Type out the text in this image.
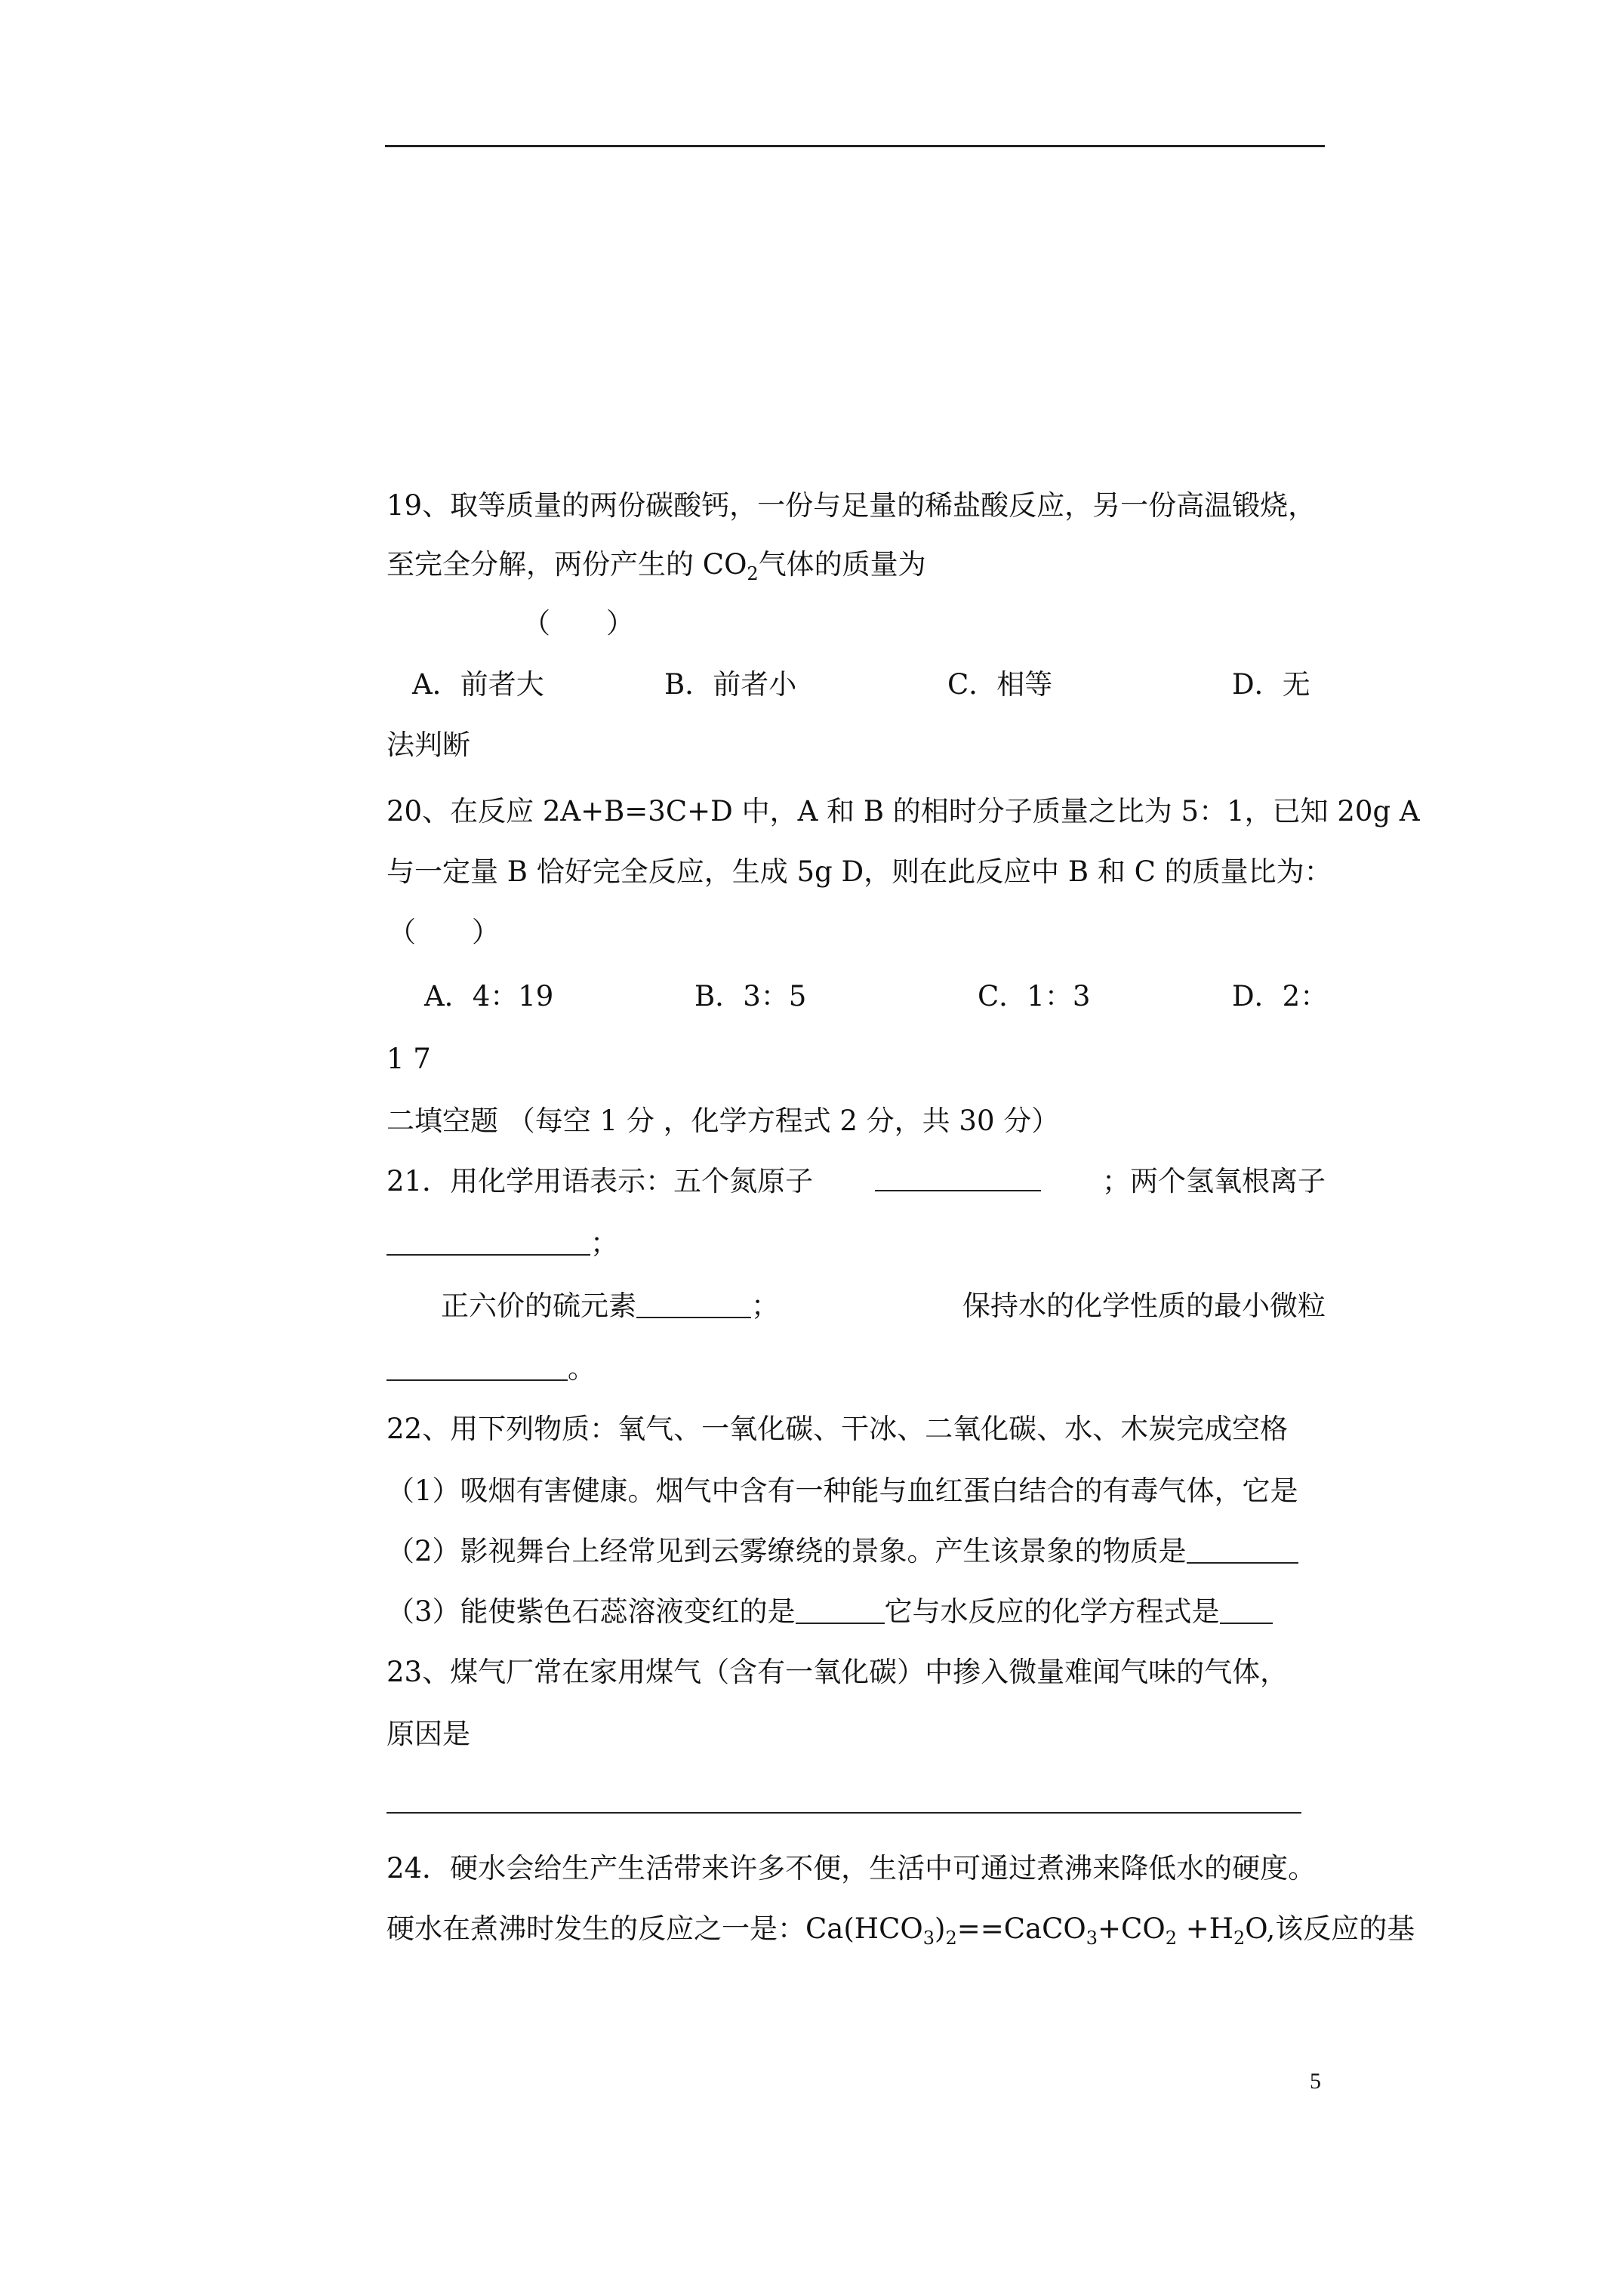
19、取等质量的两份碳酸钙，一份与足量的稀盐酸反应，另一份高温锻烧，
至完全分解，两份产生的 $CO_2$气体的质量为
（　　）
A．前者大	B．前者小	C．相等	D．无
法判断
20、在反应 2A+B=3C+D 中，A 和 B 的相时分子质量之比为 5：1，已知 20g A
与一定量 B 恰好完全反应，生成 5g D，则在此反应中 B 和 C 的质量比为：
（　　）
A．4：19	B．3：5	C．1：3	D．2：
1 7
二填空题 （每空 1 分 ，化学方程式 2 分，共 30 分）
21．用化学用语表示：五个氮原子	；两个氢氧根离子
；
正六价的硫元素	；	保持水的化学性质的最小微粒
。
22、用下列物质：氧气、一氧化碳、干冰、二氧化碳、水、木炭完成空格
（1）吸烟有害健康。烟气中含有一种能与血红蛋白结合的有毒气体，它是
（2）影视舞台上经常见到云雾缭绕的景象。产生该景象的物质是
（3）能使紫色石蕊溶液变红的是	它与水反应的化学方程式是
23、煤气厂常在家用煤气（含有一氧化碳）中掺入微量难闻气味的气体，
原因是
24．硬水会给生产生活带来许多不便，生活中可通过煮沸来降低水的硬度。
硬水在煮沸时发生的反应之一是：$Ca(HCO_3)_2==CaCO_3+CO_2 +H_2O$,该反应的基
5
